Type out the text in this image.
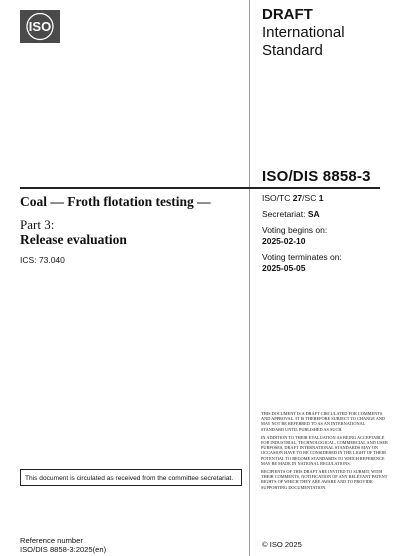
ISO
DRAFT
International
Standard
ISO/DIS 8858-3
Coal — Froth flotation testing —
Part 3:
Release evaluation
ICS: 73.040
ISO/TC 27/SC 1
Secretariat: SA
Voting begins on:
2025-02-10
Voting terminates on:
2025-05-05

THIS DOCUMENT IS A DRAFT CIRCULATED FOR COMMENTS AND APPROVAL. IT IS THEREFORE SUBJECT TO CHANGE AND MAY NOT BE REFERRED TO AS AN INTERNATIONAL STANDARD UNTIL PUBLISHED AS SUCH.

IN ADDITION TO THEIR EVALUATION AS BEING ACCEPTABLE FOR INDUSTRIAL, TECHNOLOGICAL, COMMERCIAL AND USER PURPOSES, DRAFT INTERNATIONAL STANDARDS MAY ON OCCASION HAVE TO BE CONSIDERED IN THE LIGHT OF THEIR POTENTIAL TO BECOME STANDARDS TO WHICH REFERENCE MAY BE MADE IN NATIONAL REGULATIONS.

RECIPIENTS OF THIS DRAFT ARE INVITED TO SUBMIT, WITH THEIR COMMENTS, NOTIFICATION OF ANY RELEVANT PATENT RIGHTS OF WHICH THEY ARE AWARE AND TO PROVIDE SUPPORTING DOCUMENTATION.

This document is circulated as received from the committee secretariat.
Reference number
ISO/DIS 8858-3:2025(en)
© ISO 2025
